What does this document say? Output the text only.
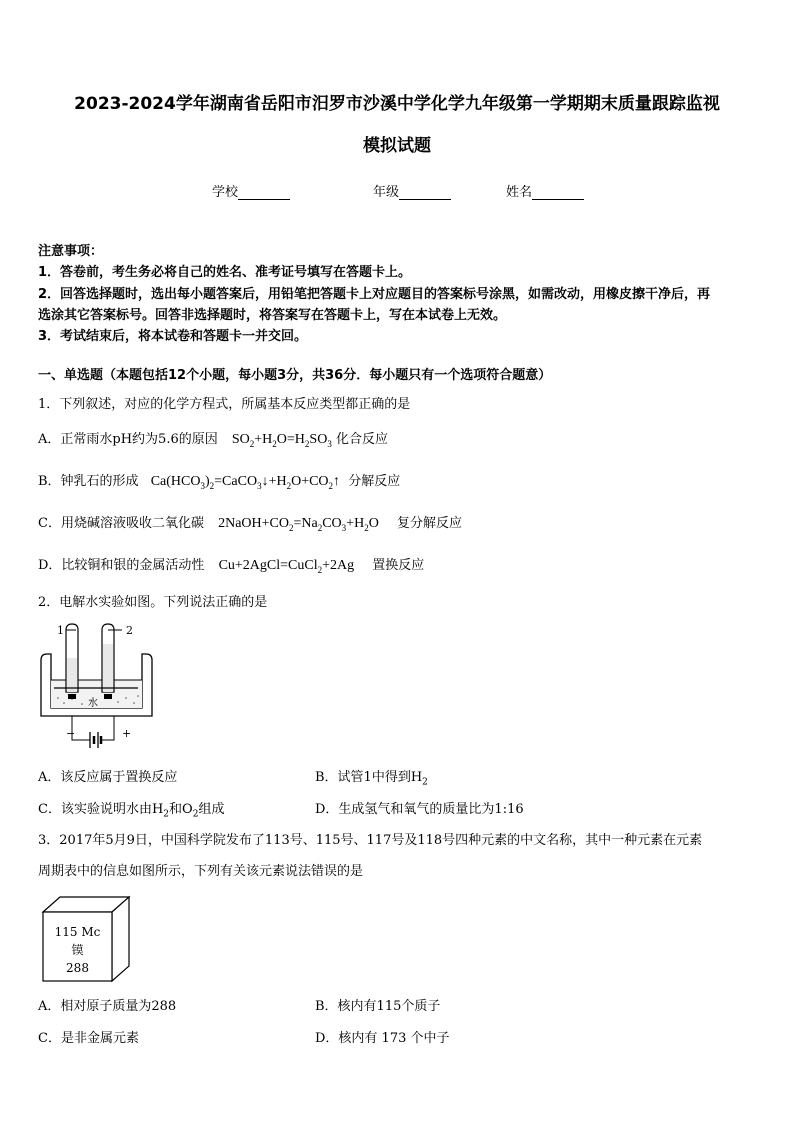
2023-2024学年湖南省岳阳市汨罗市沙溪中学化学九年级第一学期期末质量跟踪监视
模拟试题
学校	年级	姓名
注意事项：
1．答卷前，考生务必将自己的姓名、准考证号填写在答题卡上。
2．回答选择题时，选出每小题答案后，用铅笔把答题卡上对应题目的答案标号涂黑，如需改动，用橡皮擦干净后，再
选涂其它答案标号。回答非选择题时，将答案写在答题卡上，写在本试卷上无效。
3．考试结束后，将本试卷和答题卡一并交回。
一、单选题（本题包括12个小题，每小题3分，共36分．每小题只有一个选项符合题意）
1．下列叙述，对应的化学方程式，所属基本反应类型都正确的是
A．正常雨水pH约为5.6的原因 $SO_2+H_2O=H_2SO_3$ 化合反应
B．钟乳石的形成 $Ca(HCO_3)_2=CaCO_3↓+H_2O+CO_2↑$ 分解反应
C．用烧碱溶液吸收二氧化碳 $2NaOH+CO_2=Na_2CO_3+H_2O$ 复分解反应
D．比较铜和银的金属活动性 Cu+2AgCl=CuCl$_2$+2Ag 置换反应
2．电解水实验如图。下列说法正确的是
1	2
水
−	+
A．该反应属于置换反应	B．试管1中得到$H_2$
C．该实验说明水由$H_2$和$O_2$组成	D．生成氢气和氧气的质量比为1:16
3．2017年5月9日，中国科学院发布了113号、115号、117号及118号四种元素的中文名称，其中一种元素在元素
周期表中的信息如图所示，下列有关该元素说法错误的是
115 Mc
镆
288
A．相对原子质量为288	B．核内有115个质子
C．是非金属元素	D．核内有 173 个中子
